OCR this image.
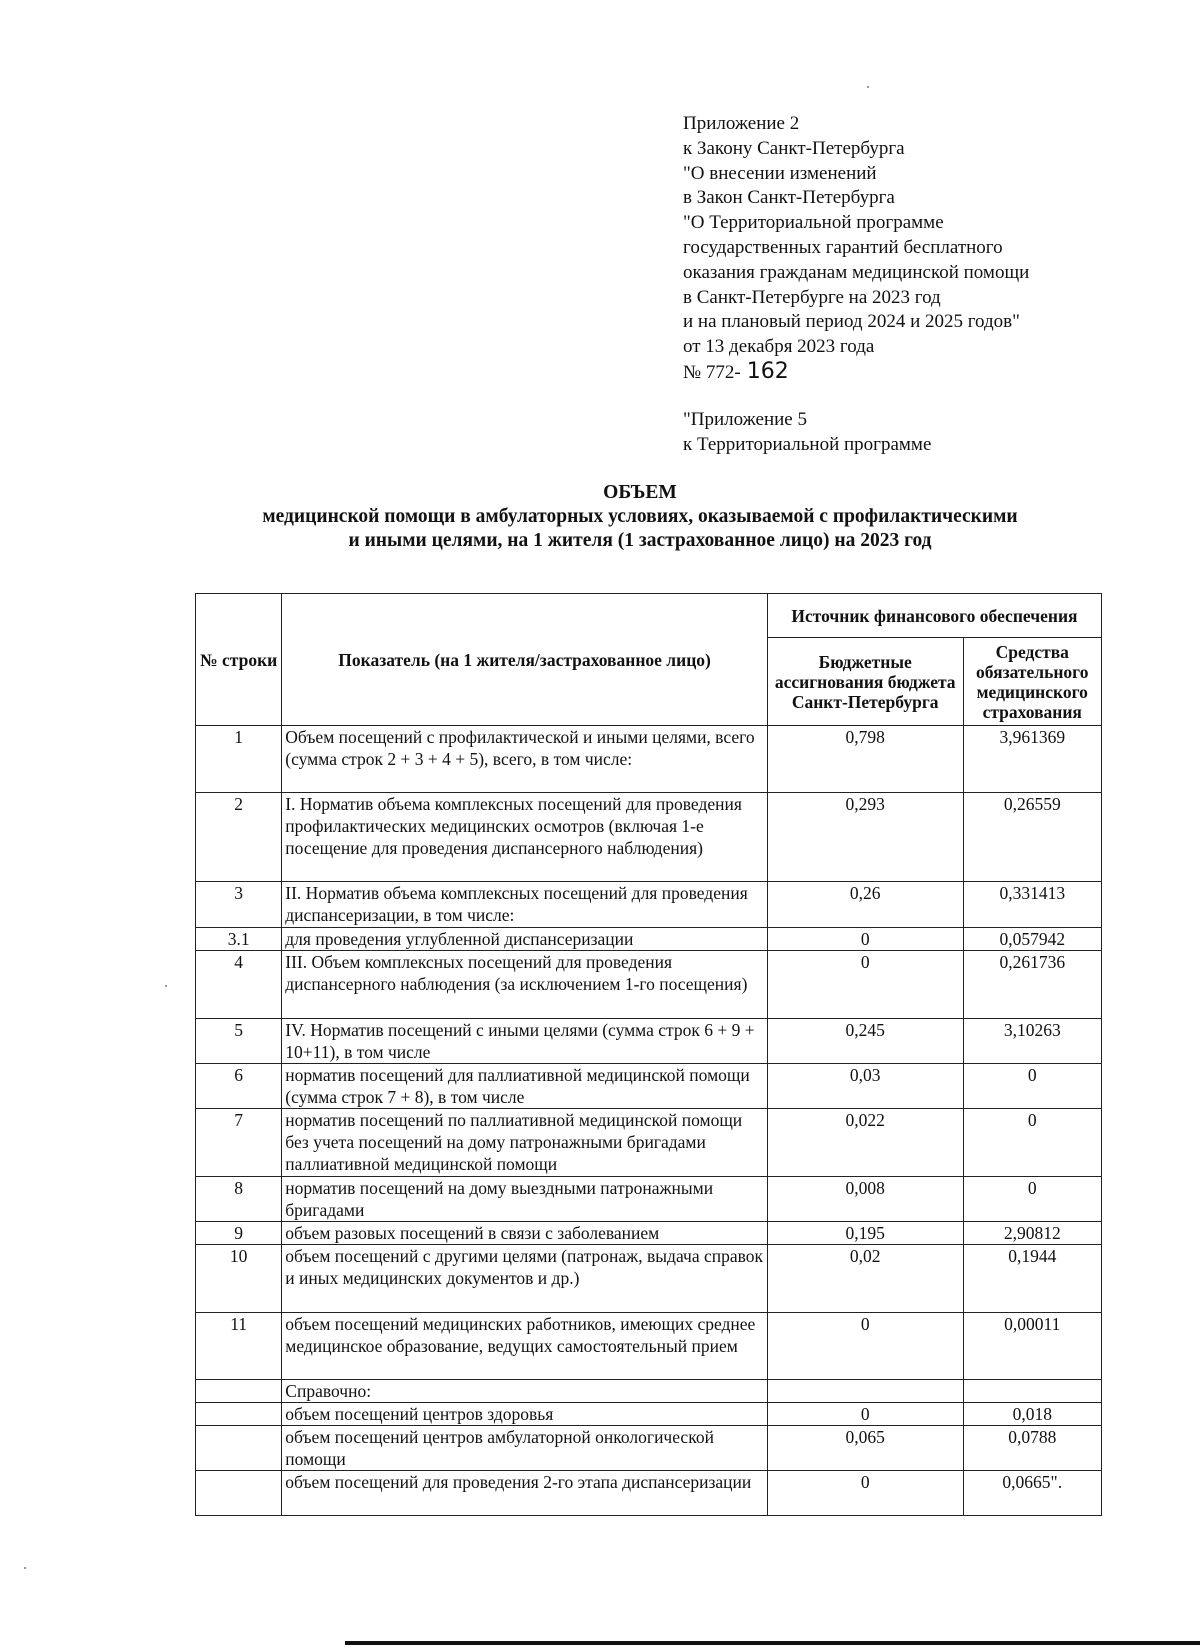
Приложение 2
к Закону Санкт-Петербурга
"О внесении изменений
в Закон Санкт-Петербурга
"О Территориальной программе
государственных гарантий бесплатного
оказания гражданам медицинской помощи
в Санкт-Петербурге на 2023 год
и на плановый период 2024 и 2025 годов"
от 13 декабря 2023 года
№ 772- 162
"Приложение 5
к Территориальной программе
ОБЪЕМ
медицинской помощи в амбулаторных условиях, оказываемой с профилактическими
и иными целями, на 1 жителя (1 застрахованное лицо) на 2023 год
№ строки	Показатель (на 1 жителя/застрахованное лицо)	Источник финансового обеспечения	
		Бюджетные ассигнования бюджета Санкт-Петербурга	Средства обязательного медицинского страхования
1	Объем посещений с профилактической и иными целями, всего (сумма строк 2 + 3 + 4 + 5), всего, в том числе:	0,798	3,961369
2	I. Норматив объема комплексных посещений для проведения профилактических медицинских осмотров (включая 1-е посещение для проведения диспансерного наблюдения)	0,293	0,26559
3	II. Норматив объема комплексных посещений для проведения диспансеризации, в том числе:	0,26	0,331413
3.1	для проведения углубленной диспансеризации	0	0,057942
4	III. Объем комплексных посещений для проведения диспансерного наблюдения (за исключением 1-го посещения)	0	0,261736
5	IV. Норматив посещений с иными целями (сумма строк 6 + 9 + 10+11), в том числе	0,245	3,10263
6	норматив посещений для паллиативной медицинской помощи (сумма строк 7 + 8), в том числе	0,03	0
7	норматив посещений по паллиативной медицинской помощи без учета посещений на дому патронажными бригадами паллиативной медицинской помощи	0,022	0
8	норматив посещений на дому выездными патронажными бригадами	0,008	0
9	объем разовых посещений в связи с заболеванием	0,195	2,90812
10	объем посещений с другими целями (патронаж, выдача справок и иных медицинских документов и др.)	0,02	0,1944
11	объем посещений медицинских работников, имеющих среднее медицинское образование, ведущих самостоятельный прием	0	0,00011
	Справочно:		
	объем посещений центров здоровья	0	0,018
	объем посещений центров амбулаторной онкологической помощи	0,065	0,0788
	объем посещений для проведения 2-го этапа диспансеризации	0	0,0665".
